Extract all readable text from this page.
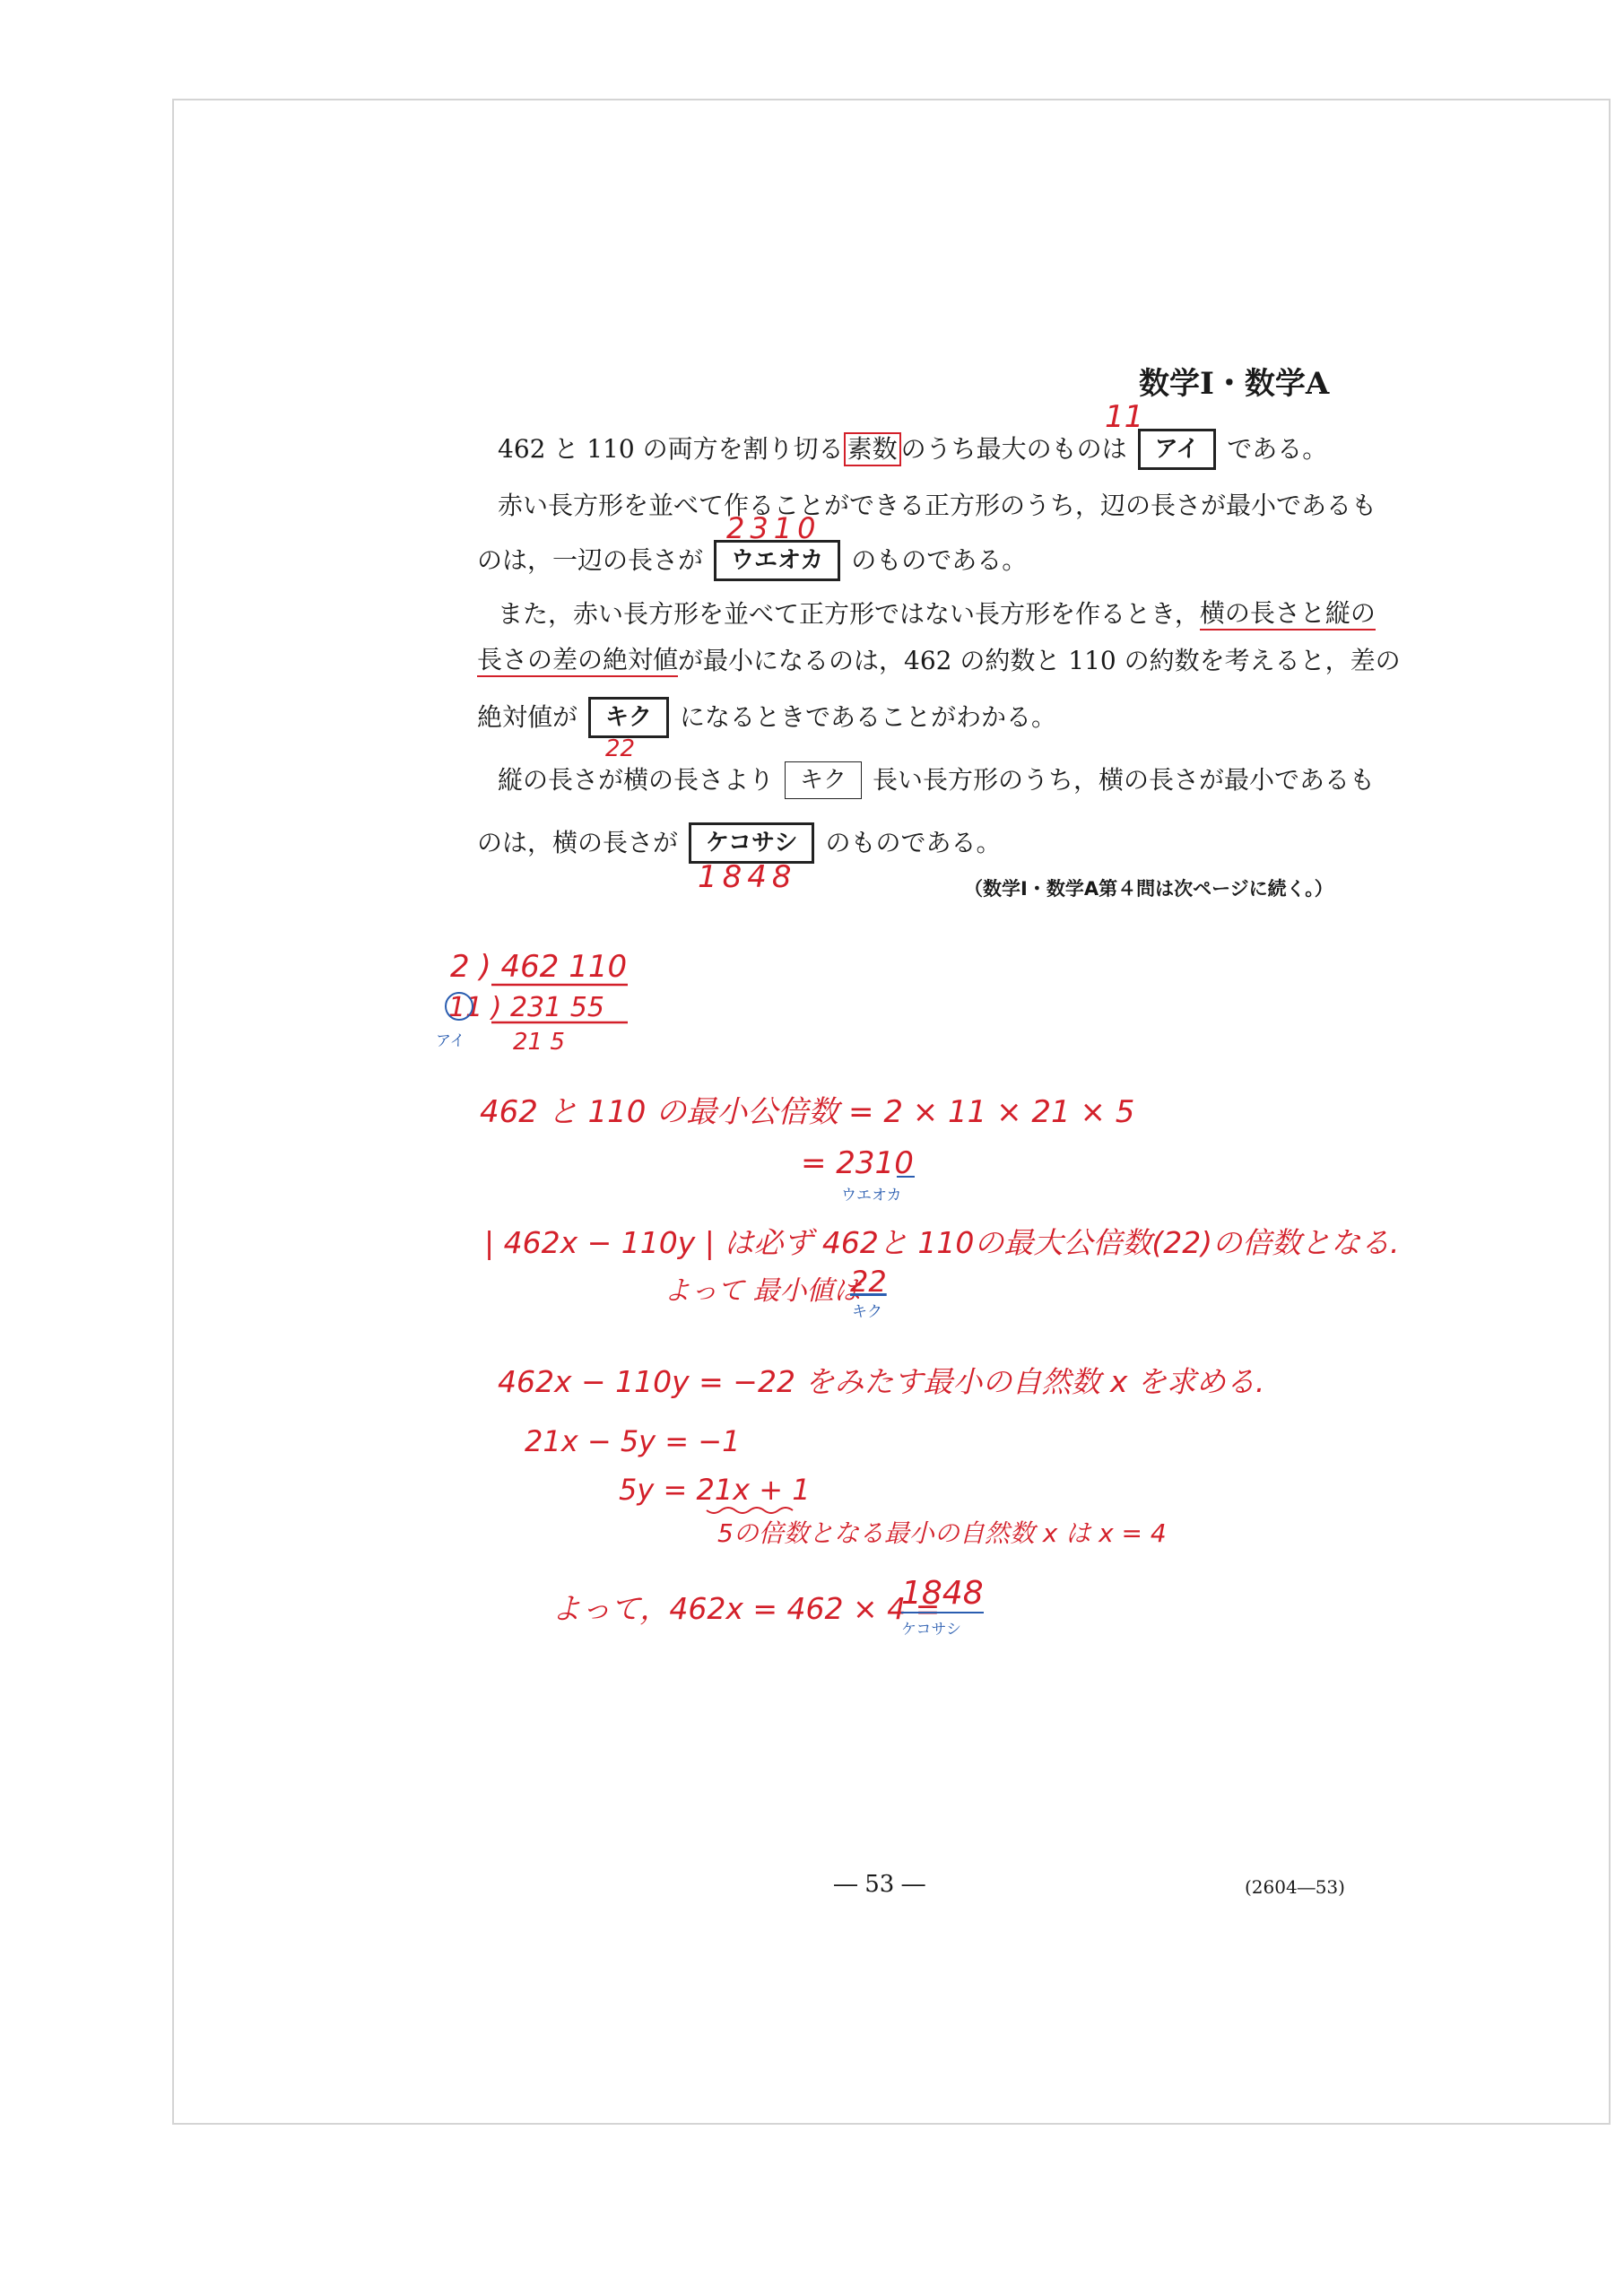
数学Ⅰ・数学A
462 と 110 の両方を割り切る 素数 のうち最大のものは	アイ	である。
赤い長方形を並べて作ることができる正方形のうち，辺の長さが最小であるも
のは，一辺の長さが	ウエオカ	のものである。
また，赤い長方形を並べて正方形ではない長方形を作るとき， 横の長さと縦の
長さの差の絶対値 が最小になるのは，462 の約数と 110 の約数を考えると，差の
絶対値が	キク	になるときであることがわかる。
縦の長さが横の長さより	キク	長い長方形のうち，横の長さが最小であるも
のは，横の長さが	ケコサシ	のものである。
（数学Ⅰ・数学A第４問は次ページに続く。）
11
2310
22
1848
2 ) 462 110
11 ) 231 55
21 5
アイ
462 と 110 の最小公倍数 = 2 × 11 × 21 × 5
= 2310
ウエオカ
| 462x − 110y | は必ず 462と 110の最大公倍数(22)の倍数となる.
よって 最小値は
22
キク
462x − 110y = −22 をみたす最小の自然数 x を求める.
21x − 5y = −1
5y = 21x + 1
5の倍数となる最小の自然数 x は x = 4
よって，462x = 462 × 4 =
1848
ケコサシ
― 53 ―	(2604―53)
